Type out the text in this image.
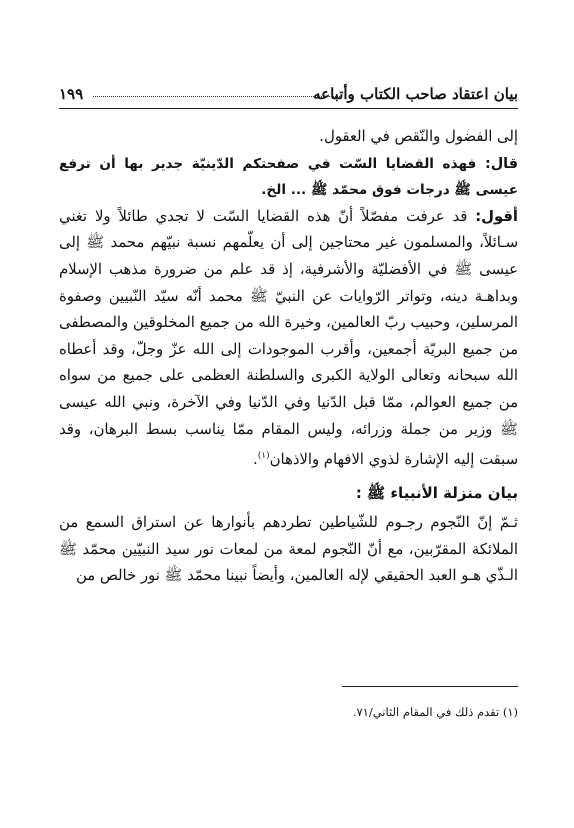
بيان اعتقاد صاحب الكتاب وأتباعه
١٩٩

إلى الفضول والنّقص في العقول.

قال: فهذه القضايا السّت في صفحتكم الدّينيّة جدير بها أن ترفع عيسى ﷺ درجات فوق محمّد ﷺ ... الخ.

أقول: قد عرفت مفصّلاً أنّ هذه القضايا السّت لا تجدي طائلاً ولا تغني سـائلاً، والمسلمون غير محتاجين إلى أن يعلّمهم نسبة نبيّهم محمد ﷺ إلى عيسى ﷺ في الأفضليّة والأشرفية، إذ قد علم من ضرورة مذهب الإسلام وبداهـة دينه، وتواتر الرّوايات عن النبيّ ﷺ محمد أنّه سيّد النّبيين وصفوة المرسلين، وحبيب ربّ العالمين، وخيرة الله من جميع المخلوقين والمصطفى من جميع البريّة أجمعين، وأقرب الموجودات إلى الله عزّ وجلّ، وقد أعطاه الله سبحانه وتعالى الولاية الكبرى والسلطنة العظمى على جميع من سواه من جميع العوالم، ممّا قبل الدّنيا وفي الدّنيا وفي الآخرة، ونبي الله عيسى ﷺ وزير من جملة وزرائه، وليس المقام ممّا يناسب بسط البرهان، وقد سبقت إليه الإشارة لذوي الافهام والاذهان$^{(١)}$.

بيان منزلة الأنبياء ﷺ :

ثـمّ إنّ النّجوم رجـوم للشّياطين تطردهم بأنوارها عن استراق السمع من الملائكة المقرّبين، مع أنّ النّجوم لمعة من لمعات نور سيد النبيّين محمّد ﷺ الـذّي هـو العبد الحقيقي لإله العالمين، وأيضاً نبينا محمّد ﷺ نور خالص من

(١) تقدم ذلك في المقام الثاني/٧١.
